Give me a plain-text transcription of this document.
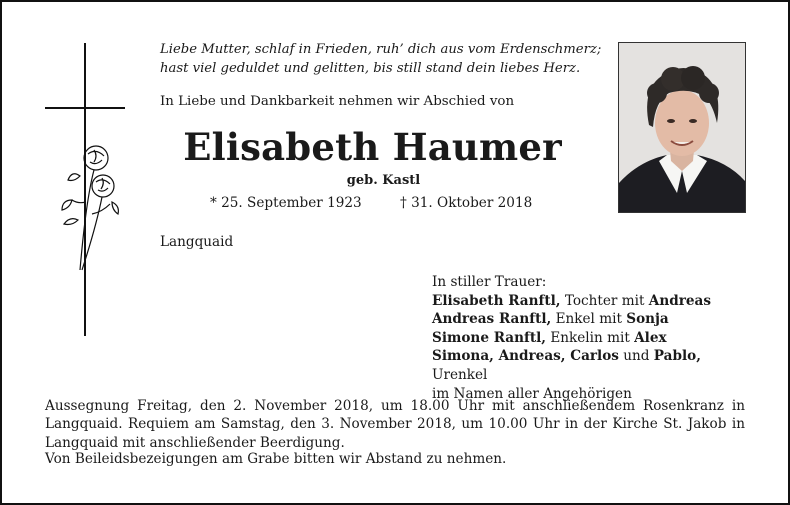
Liebe Mutter, schlaf in Frieden, ruh’ dich aus vom Erdenschmerz;
hast viel geduldet und gelitten, bis still stand dein liebes Herz.
In Liebe und Dankbarkeit nehmen wir Abschied von
Elisabeth Haumer
geb. Kastl
* 25. September 1923	† 31. Oktober 2018
Langquaid
In stiller Trauer:
Elisabeth Ranftl, Tochter mit Andreas
Andreas Ranftl, Enkel mit Sonja
Simone Ranftl, Enkelin mit Alex
Simona, Andreas, Carlos und Pablo, Urenkel
im Namen aller Angehörigen
Aussegnung Freitag, den 2. November 2018, um 18.00 Uhr mit anschließendem Rosenkranz in Langquaid. Requiem am Samstag, den 3. November 2018, um 10.00 Uhr in der Kirche St. Jakob in Langquaid mit anschließender Beerdigung.
Von Beileidsbezeigungen am Grabe bitten wir Abstand zu nehmen.
